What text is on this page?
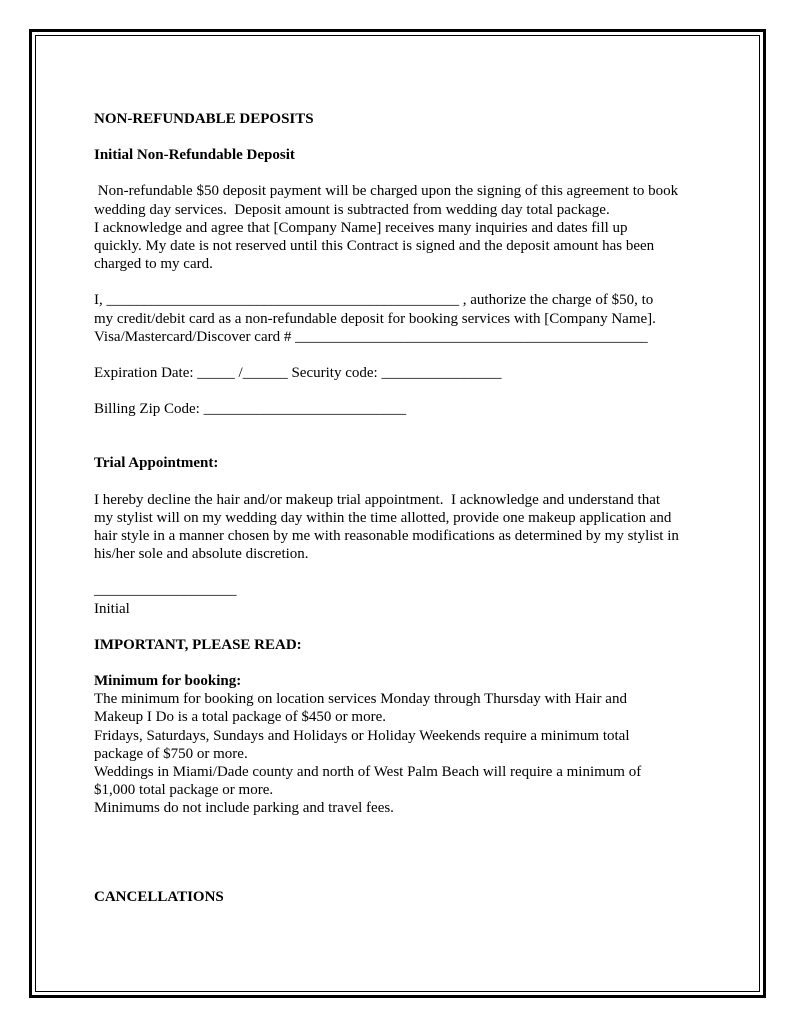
NON-REFUNDABLE DEPOSITS

Initial Non-Refundable Deposit

Non-refundable $50 deposit payment will be charged upon the signing of this agreement to book

wedding day services.  Deposit amount is subtracted from wedding day total package.

I acknowledge and agree that [Company Name] receives many inquiries and dates fill up

quickly. My date is not reserved until this Contract is signed and the deposit amount has been

charged to my card.

I, _______________________________________________ , authorize the charge of $50, to

my credit/debit card as a non-refundable deposit for booking services with [Company Name].

Visa/Mastercard/Discover card # _______________________________________________

Expiration Date: _____ /______ Security code: ________________

Billing Zip Code: ___________________________

Trial Appointment:

I hereby decline the hair and/or makeup trial appointment.  I acknowledge and understand that

my stylist will on my wedding day within the time allotted, provide one makeup application and

hair style in a manner chosen by me with reasonable modifications as determined by my stylist in

his/her sole and absolute discretion.

___________________

Initial

IMPORTANT, PLEASE READ:

Minimum for booking:

The minimum for booking on location services Monday through Thursday with Hair and

Makeup I Do is a total package of $450 or more.

Fridays, Saturdays, Sundays and Holidays or Holiday Weekends require a minimum total

package of $750 or more.

Weddings in Miami/Dade county and north of West Palm Beach will require a minimum of

$1,000 total package or more.

Minimums do not include parking and travel fees.

CANCELLATIONS
